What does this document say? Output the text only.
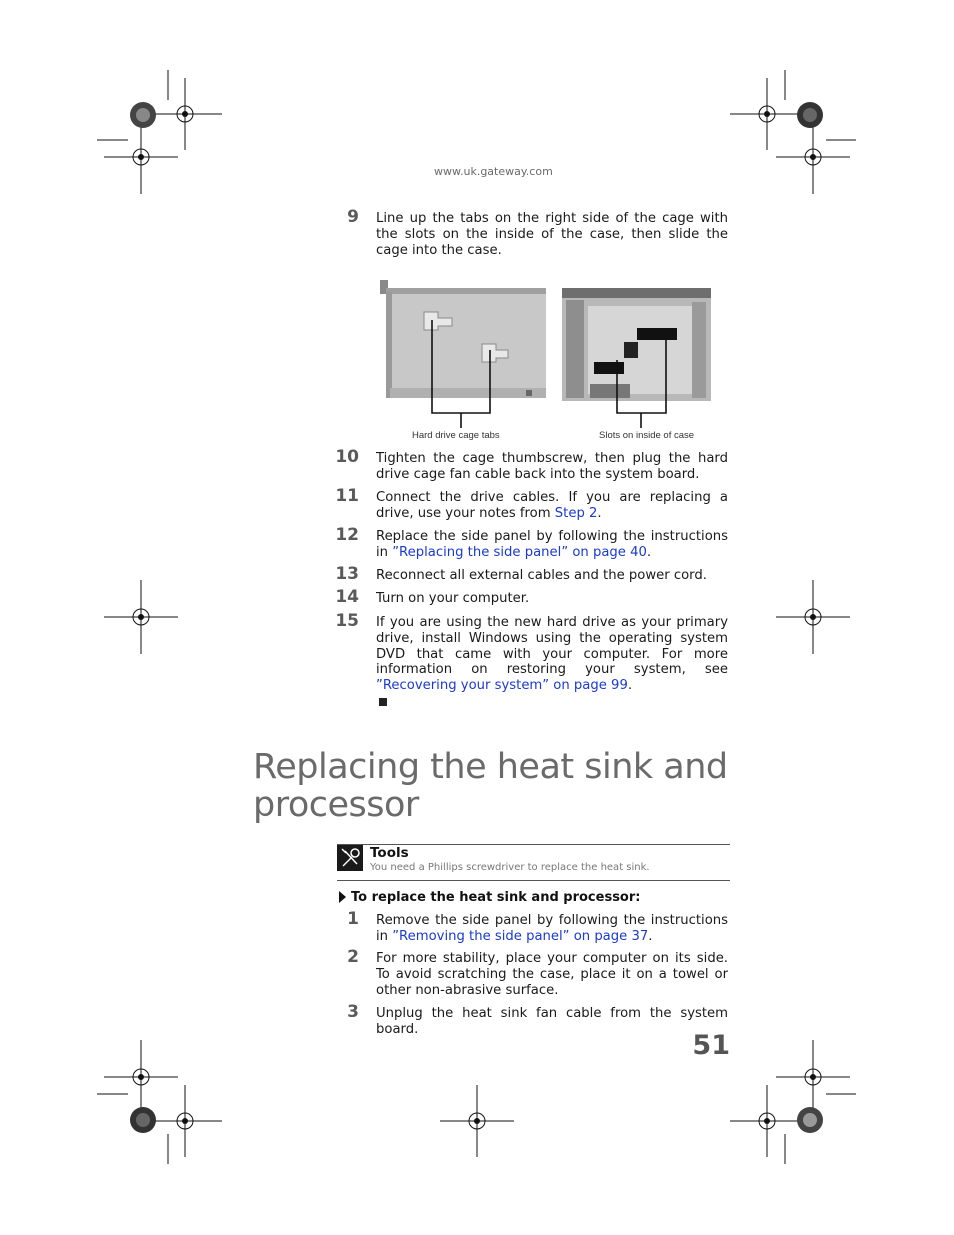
www.uk.gateway.com
9 Line up the tabs on the right side of the cage with the slots on the inside of the case, then slide the cage into the case.
Hard drive cage tabs	Slots on inside of case
10 Tighten the cage thumbscrew, then plug the hard drive cage fan cable back into the system board.
11 Connect the drive cables. If you are replacing a drive, use your notes from Step 2.
12 Replace the side panel by following the instructions in ”Replacing the side panel” on page 40.
13 Reconnect all external cables and the power cord.
14 Turn on your computer.
15 If you are using the new hard drive as your primary drive, install Windows using the operating system DVD that came with your computer. For more information on restoring your system, see ”Recovering your system” on page 99.
Replacing the heat sink and processor
Tools
You need a Phillips screwdriver to replace the heat sink.
To replace the heat sink and processor:
1 Remove the side panel by following the instructions in ”Removing the side panel” on page 37.
2 For more stability, place your computer on its side. To avoid scratching the case, place it on a towel or other non-abrasive surface.
3 Unplug the heat sink fan cable from the system board.
51
